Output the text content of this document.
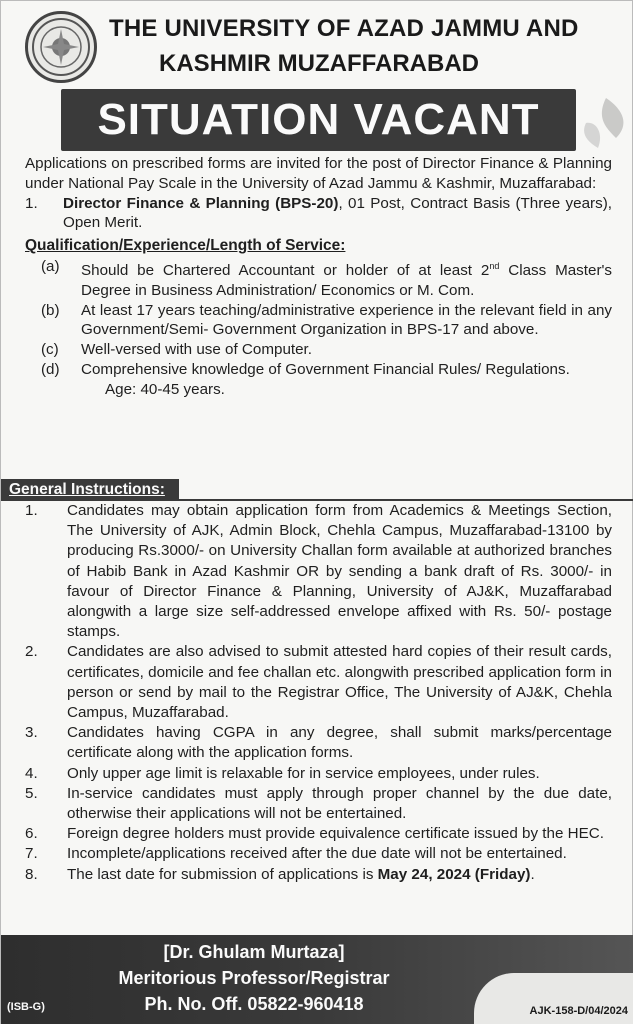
THE UNIVERSITY OF AZAD JAMMU AND
KASHMIR MUZAFFARABAD
SITUATION VACANT

Applications on prescribed forms are invited for the post of Director Finance & Planning under National Pay Scale in the University of Azad Jammu & Kashmir, Muzaffarabad:

1.	Director Finance & Planning (BPS-20), 01 Post, Contract Basis (Three years), Open Merit.
Qualification/Experience/Length of Service:
(a)	Should be Chartered Accountant or holder of at least 2nd Class Master's Degree in Business Administration/ Economics or M. Com.
(b)	At least 17 years teaching/administrative experience in the relevant field in any Government/Semi- Government Organization in BPS-17 and above.
(c)	Well-versed with use of Computer.
(d)	Comprehensive knowledge of Government Financial Rules/ Regulations.
Age: 40-45 years.
General Instructions:
1.	Candidates may obtain application form from Academics & Meetings Section, The University of AJK, Admin Block, Chehla Campus, Muzaffarabad-13100 by producing Rs.3000/- on University Challan form available at authorized branches of Habib Bank in Azad Kashmir OR by sending a bank draft of Rs. 3000/- in favour of Director Finance & Planning, University of AJ&K, Muzaffarabad alongwith a large size self-addressed envelope affixed with Rs. 50/- postage stamps.
2.	Candidates are also advised to submit attested hard copies of their result cards, certificates, domicile and fee challan etc. alongwith prescribed application form in person or send by mail to the Registrar Office, The University of AJ&K, Chehla Campus, Muzaffarabad.
3.	Candidates having CGPA in any degree, shall submit marks/percentage certificate along with the application forms.
4.	Only upper age limit is relaxable for in service employees, under rules.
5.	In-service candidates must apply through proper channel by the due date, otherwise their applications will not be entertained.
6.	Foreign degree holders must provide equivalence certificate issued by the HEC.
7.	Incomplete/applications received after the due date will not be entertained.
8.	The last date for submission of applications is May 24, 2024 (Friday).
[Dr. Ghulam Murtaza]
Meritorious Professor/Registrar
Ph. No. Off. 05822-960418
(ISB-G)	AJK-158-D/04/2024
